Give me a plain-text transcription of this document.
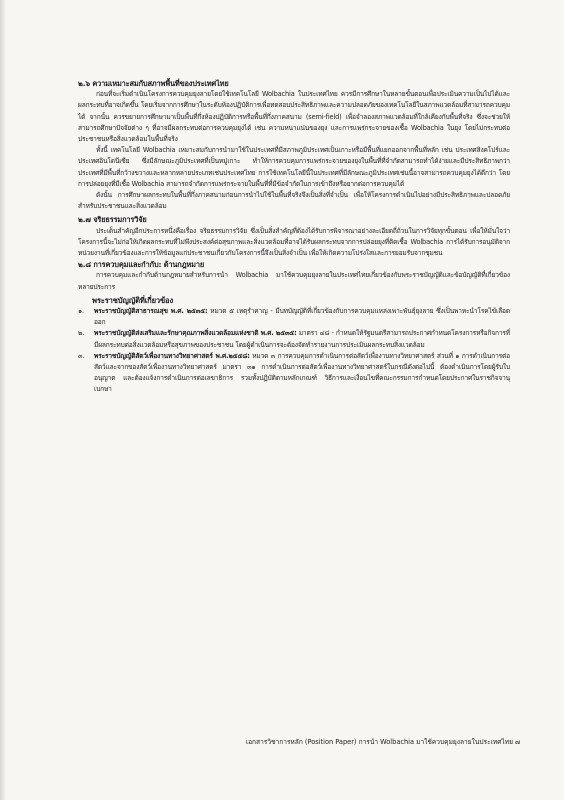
๒.๖ ความเหมาะสมกับสภาพพื้นที่ของประเทศไทย

ก่อนที่จะเริ่มดำเนินโครงการควบคุมยุงลายโดยใช้เทคโนโลยี Wolbachia ในประเทศไทย ควรมีการศึกษาในหลายขั้นตอนเพื่อประเมินความเป็นไปได้และผลกระทบที่อาจเกิดขึ้น โดยเริ่มจากการศึกษาในระดับห้องปฏิบัติการเพื่อทดสอบประสิทธิภาพและความปลอดภัยของเทคโนโลยีในสภาพแวดล้อมที่สามารถควบคุมได้ จากนั้น ควรขยายการศึกษามาเป็นพื้นที่กึ่งห้องปฏิบัติการหรือพื้นที่กึ่งภาคสนาม (semi-field) เพื่อจำลองสภาพแวดล้อมที่ใกล้เคียงกับพื้นที่จริง ซึ่งจะช่วยให้สามารถศึกษาปัจจัยต่าง ๆ ที่อาจมีผลกระทบต่อการควบคุมยุงได้ เช่น ความหนาแน่นของยุง และการแพร่กระจายของเชื้อ Wolbachia ในยุง โดยไม่กระทบต่อประชาชนหรือสิ่งแวดล้อมในพื้นที่จริง

ทั้งนี้ เทคโนโลยี Wolbachia เหมาะสมกับการนำมาใช้ในประเทศที่มีสภาพภูมิประเทศเป็นเกาะหรือมีพื้นที่แยกออกจากพื้นที่หลัก เช่น ประเทศสิงคโปร์และประเทศอินโดนีเซีย ซึ่งมีลักษณะภูมิประเทศที่เป็นหมู่เกาะ ทำให้การควบคุมการแพร่กระจายของยุงในพื้นที่ที่จำกัดสามารถทำได้ง่ายและมีประสิทธิภาพกว่าประเทศที่มีพื้นที่กว้างขวางและหลากหลายประเภทเช่นประเทศไทย การใช้เทคโนโลยีนี้ในประเทศที่มีลักษณะภูมิประเทศเช่นนี้อาจสามารถควบคุมยุงได้ดีกว่า โดยการปล่อยยุงที่มีเชื้อ Wolbachia สามารถจำกัดการแพร่กระจายในพื้นที่ที่มีข้อจำกัดในการเข้าถึงหรือยากต่อการควบคุมได้

ดังนั้น การศึกษาผลกระทบในพื้นที่กึ่งภาคสนามก่อนการนำไปใช้ในพื้นที่จริงจึงเป็นสิ่งที่จำเป็น เพื่อให้โครงการดำเนินไปอย่างมีประสิทธิภาพและปลอดภัยสำหรับประชาชนและสิ่งแวดล้อม

๒.๗ จริยธรรมการวิจัย

ประเด็นสำคัญอีกประการหนึ่งคือเรื่อง จริยธรรมการวิจัย ซึ่งเป็นสิ่งสำคัญที่ต้องได้รับการพิจารณาอย่างละเอียดถี่ถ้วนในการวิจัยทุกขั้นตอน เพื่อให้มั่นใจว่าโครงการนี้จะไม่ก่อให้เกิดผลกระทบที่ไม่พึงประสงค์ต่อสุขภาพและสิ่งแวดล้อมที่อาจได้รับผลกระทบจากการปล่อยยุงที่ติดเชื้อ Wolbachia การได้รับการอนุมัติจากหน่วยงานที่เกี่ยวข้องและการให้ข้อมูลแก่ประชาชนเกี่ยวกับโครงการนี้จึงเป็นสิ่งจำเป็น เพื่อให้เกิดความโปร่งใสและการยอมรับจากชุมชน

๒.๘ การควบคุมและกำกับ: ด้านกฎหมาย

การควบคุมและกำกับด้านกฎหมายสำหรับการนำ Wolbachia มาใช้ควบคุมยุงลายในประเทศไทยเกี่ยวข้องกับพระราชบัญญัติและข้อบัญญัติที่เกี่ยวข้องหลายประการ

พระราชบัญญัติที่เกี่ยวข้อง

๑.	พระราชบัญญัติสาธารณสุข พ.ศ. ๒๕๓๕: หมวด ๕ เหตุรำคาญ - มีบทบัญญัติที่เกี่ยวข้องกับการควบคุมแหล่งเพาะพันธุ์ยุงลาย ซึ่งเป็นพาหะนำโรคไข้เลือดออก
๒.	พระราชบัญญัติส่งเสริมและรักษาคุณภาพสิ่งแวดล้อมแห่งชาติ พ.ศ. ๒๕๓๕: มาตรา ๔๘ - กำหนดให้รัฐมนตรีสามารถประกาศกำหนดโครงการหรือกิจการที่มีผลกระทบต่อสิ่งแวดล้อมหรือสุขภาพของประชาชน โดยผู้ดำเนินการจะต้องจัดทำรายงานการประเมินผลกระทบสิ่งแวดล้อม
๓.	พระราชบัญญัติสัตว์เพื่องานทางวิทยาศาสตร์ พ.ศ.๒๕๕๘: หมวด ๓ การควบคุมการดำเนินการต่อสัตว์เพื่องานทางวิทยาศาสตร์ ส่วนที่ ๑ การดำเนินการต่อสัตว์และจากของสัตว์เพื่องานทางวิทยาศาสตร์ มาตรา ๓๑ การดำเนินการต่อสัตว์เพื่องานทางวิทยาศาสตร์ในกรณีดังต่อไปนี้ ต้องดำเนินการโดยผู้รับใบอนุญาต และต้องแจ้งการดำเนินการต่อเลขาธิการ รวมทั้งปฏิบัติตามหลักเกณฑ์ วิธีการและเงื่อนไขที่คณะกรรมการกำหนดโดยประกาศในราชกิจจานุเบกษา
เอกสารวิชาการหลัก (Position Paper) การนำ Wolbachia มาใช้ควบคุมยุงลายในประเทศไทย ๗
